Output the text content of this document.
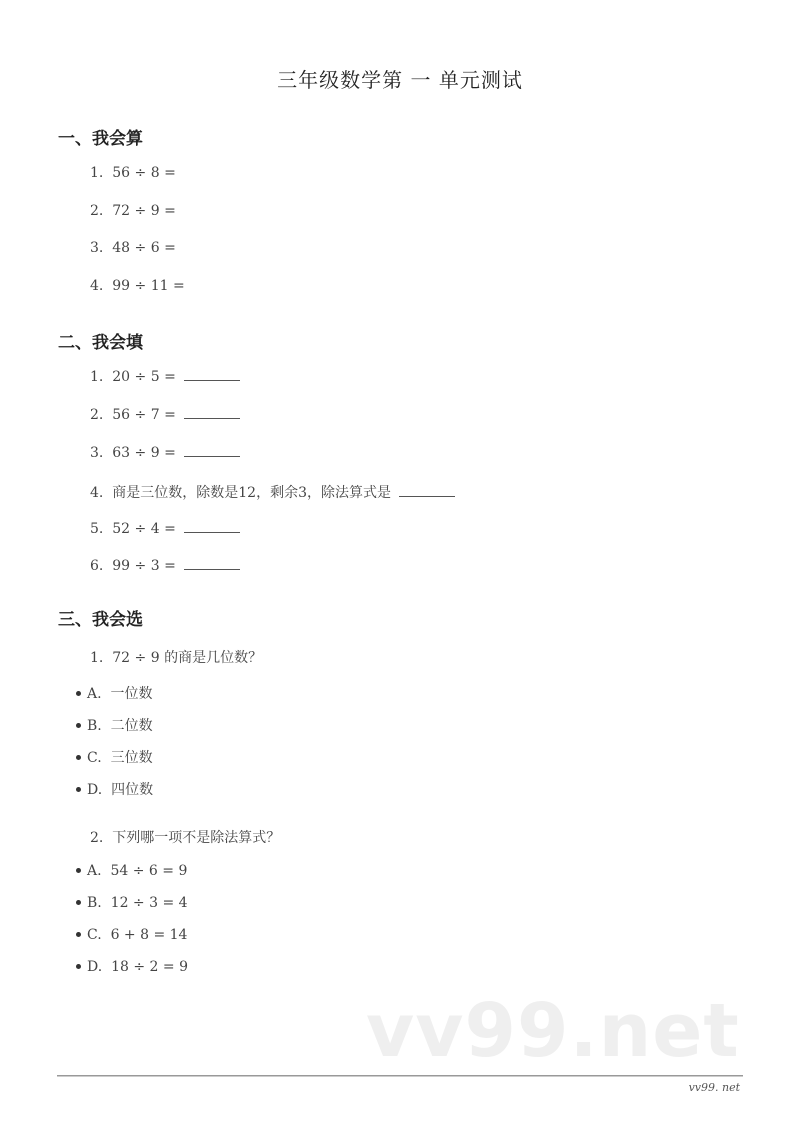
三年级数学第 一 单元测试
一、我会算
1. 56 ÷ 8 =
2. 72 ÷ 9 =
3. 48 ÷ 6 =
4. 99 ÷ 11 =
二、我会填
1. 20 ÷ 5 =
2. 56 ÷ 7 =
3. 63 ÷ 9 =
4. 商是三位数，除数是12，剩余3，除法算式是
5. 52 ÷ 4 =
6. 99 ÷ 3 =
三、我会选
1. 72 ÷ 9 的商是几位数？
A. 一位数
B. 二位数
C. 三位数
D. 四位数
2. 下列哪一项不是除法算式？
A. 54 ÷ 6 = 9
B. 12 ÷ 3 = 4
C. 6 + 8 = 14
D. 18 ÷ 2 = 9
vv99.net
vv99. net
